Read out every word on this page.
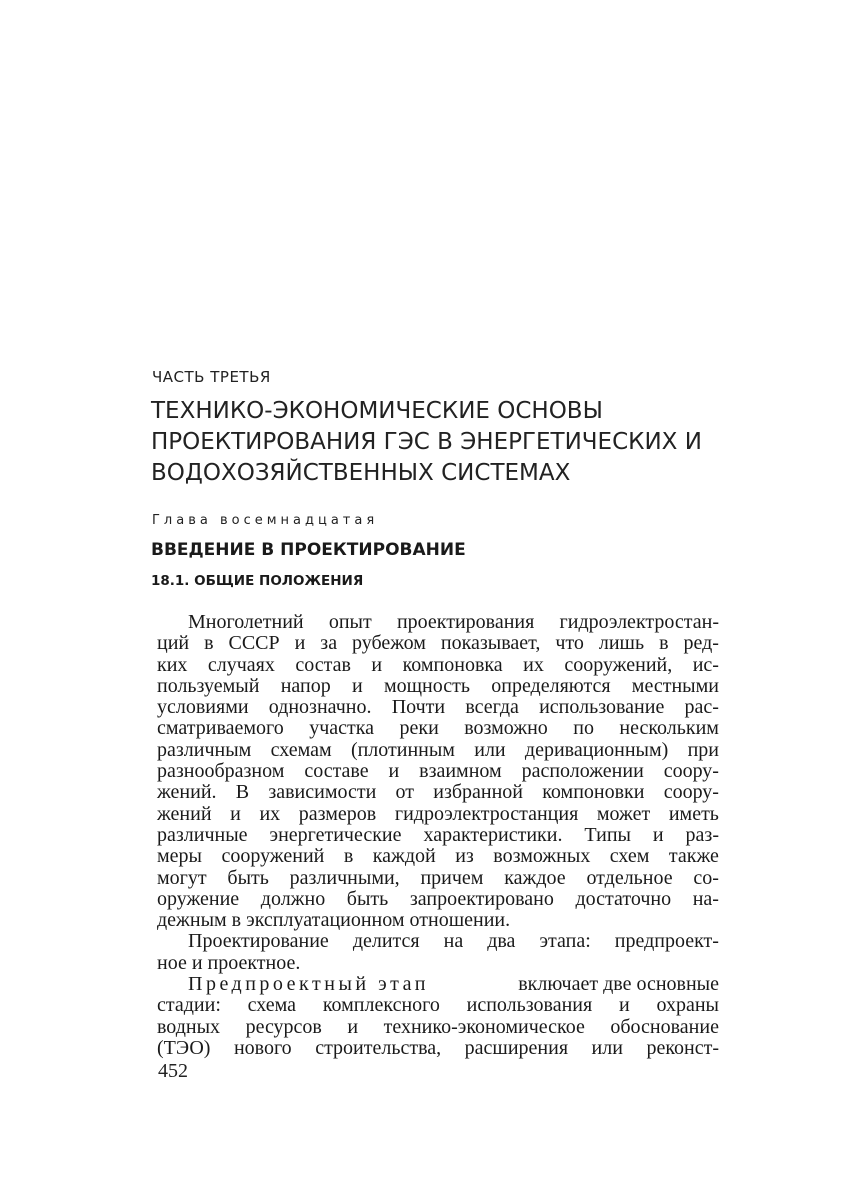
ЧАСТЬ ТРЕТЬЯ
ТЕХНИКО-ЭКОНОМИЧЕСКИЕ ОСНОВЫ
ПРОЕКТИРОВАНИЯ ГЭС В ЭНЕРГЕТИЧЕСКИХ И
ВОДОХОЗЯЙСТВЕННЫХ СИСТЕМАХ
Глава восемнадцатая
ВВЕДЕНИЕ В ПРОЕКТИРОВАНИЕ
18.1. ОБЩИЕ ПОЛОЖЕНИЯ
Многолетний опыт проектирования гидроэлектростан-
ций в СССР и за рубежом показывает, что лишь в ред-
ких случаях состав и компоновка их сооружений, ис-
пользуемый напор и мощность определяются местными
условиями однозначно. Почти всегда использование рас-
сматриваемого участка реки возможно по нескольким
различным схемам (плотинным или деривационным) при
разнообразном составе и взаимном расположении соору-
жений. В зависимости от избранной компоновки соору-
жений и их размеров гидроэлектростанция может иметь
различные энергетические характеристики. Типы и раз-
меры сооружений в каждой из возможных схем также
могут быть различными, причем каждое отдельное со-
оружение должно быть запроектировано достаточно на-
дежным в эксплуатационном отношении.
Проектирование делится на два этапа: предпроект-
ное и проектное.
Предпроектный этап	включает две основные
стадии: схема комплексного использования и охраны
водных ресурсов и технико-экономическое обоснование
(ТЭО) нового строительства, расширения или реконст-
452
